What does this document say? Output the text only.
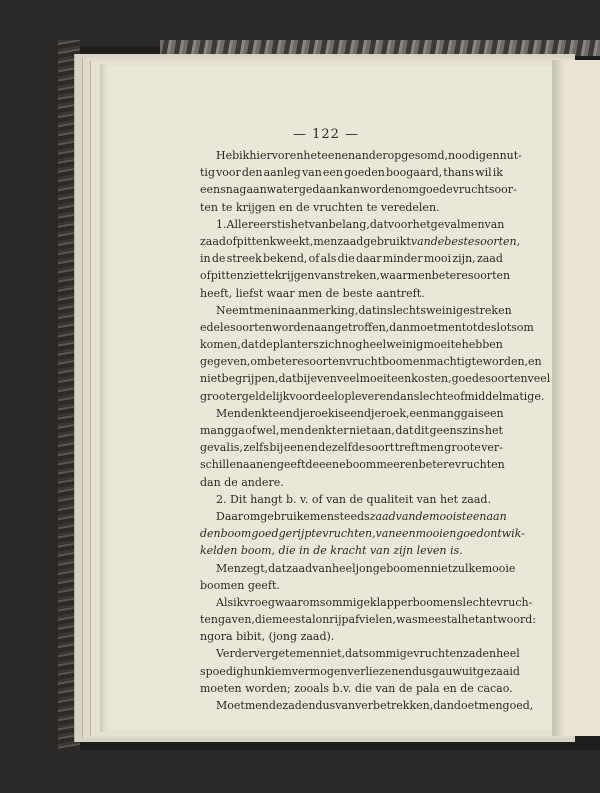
— 122 —
Heb ik hiervoren het een en ander opgesomd, noodig en nut-
tig voor den aanleg van een goeden boogaard, thans wil ik
eens na gaan wat er gedaan kan worden om goede vruchtsoor-
ten te krijgen en de vruchten te veredelen.
1. Allereerst is het van belang, dat voor het geval men van
zaad of pitten kweekt, men zaad gebruikt van de beste soorten,
in de streek bekend, of als die daar minder mooi zijn, zaad
of pitten ziet te krijgen van streken, waar men betere soorten
heeft, liefst waar men de beste aantreft.
Neemt men in aanmerking, dat in slechts weinige streken
edele soorten worden aangetroffen, dan moet men tot de slotsom
komen, dat de planters zich nog heel weinig moeite hebben
gegeven, om betere soorten vruchtboomen machtig te worden, en
niet begrijpen, dat bij evenveel moeite en kosten, goede soorten veel
grooter geldelijk voordeel opleveren dan slechte of middelmatige.
Men denkt een djeroek is een djeroek, een mangga is een
mangga of wel, men denkt er niet aan, dat dit geenszins het
geval is, zelfs bij een en dezelfde soort treft men groote ver-
schillen aan en geeft de eene boom meer en betere vruchten
dan de andere.
2. Dit hangt b. v. of van de qualiteit van het zaad.
Daarom gebruike men steeds zaad van de mooiste en aan
den boom goed gerijpte vruchten, van een mooien goed ontwik-
kelden boom, die in de kracht van zijn leven is.
Men zegt, dat zaad van heel jonge boomen niet zulke mooie
boomen geeft.
Als ik vroeg waarom sommige klapperboomen slechte vruch-
ten gaven, die meestal onrijp afvielen, was meestal het antwoord:
ngora bibit, (jong zaad).
Verder vergete men niet, dat sommige vruchtenzaden heel
spoedig hun kiemvermogen verliezen en dus gauw uitgezaaid
moeten worden; zooals b.v. die van de pala en de cacao.
Moet men de zaden dus van ver betrekken, dan doet men goed,
